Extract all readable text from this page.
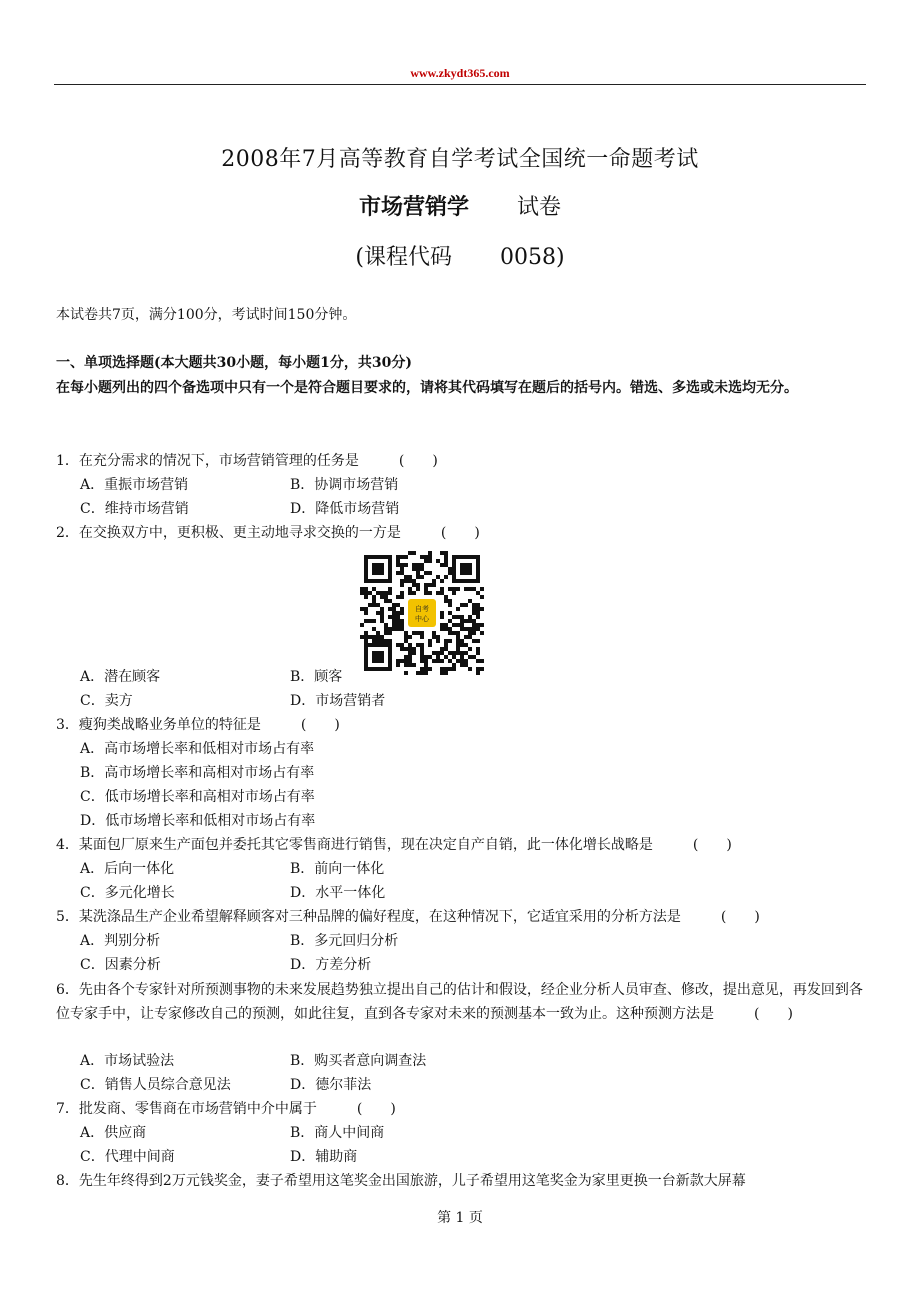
www.zkydt365.com
2008年7月高等教育自学考试全国统一命题考试
市场营销学 试卷
(课程代码 0058)
本试卷共7页，满分100分，考试时间150分钟。
一、单项选择题(本大题共30小题，每小题1分，共30分)
在每小题列出的四个备选项中只有一个是符合题目要求的，请将其代码填写在题后的括号内。错选、多选或未选均无分。
1．在充分需求的情况下，市场营销管理的任务是	(　　)
A．重振市场营销	B．协调市场营销
C．维持市场营销	D．降低市场营销
2．在交换双方中，更积极、更主动地寻求交换的一方是	(　　)
自考
中心
A．潜在顾客	B．顾客
C．卖方	D．市场营销者
3．瘦狗类战略业务单位的特征是	(　　)
A．高市场增长率和低相对市场占有率
B．高市场增长率和高相对市场占有率
C．低市场增长率和高相对市场占有率
D．低市场增长率和低相对市场占有率
4．某面包厂原来生产面包并委托其它零售商进行销售，现在决定自产自销，此一体化增长战略是	(　　)
A．后向一体化	B．前向一体化
C．多元化增长	D．水平一体化
5．某洗涤品生产企业希望解释顾客对三种品牌的偏好程度，在这种情况下，它适宜采用的分析方法是	(　　)
A．判别分析	B．多元回归分析
C．因素分析	D．方差分析
6．先由各个专家针对所预测事物的未来发展趋势独立提出自己的估计和假设，经企业分析人员审查、修改，提出意见，再发回到各位专家手中，让专家修改自己的预测，如此往复，直到各专家对未来的预测基本一致为止。这种预测方法是	(　　)
A．市场试验法	B．购买者意向调查法
C．销售人员综合意见法	D．德尔菲法
7．批发商、零售商在市场营销中介中属于	(　　)
A．供应商	B．商人中间商
C．代理中间商	D．辅助商
8．先生年终得到2万元钱奖金，妻子希望用这笔奖金出国旅游，儿子希望用这笔奖金为家里更换一台新款大屏幕
第 1 页
